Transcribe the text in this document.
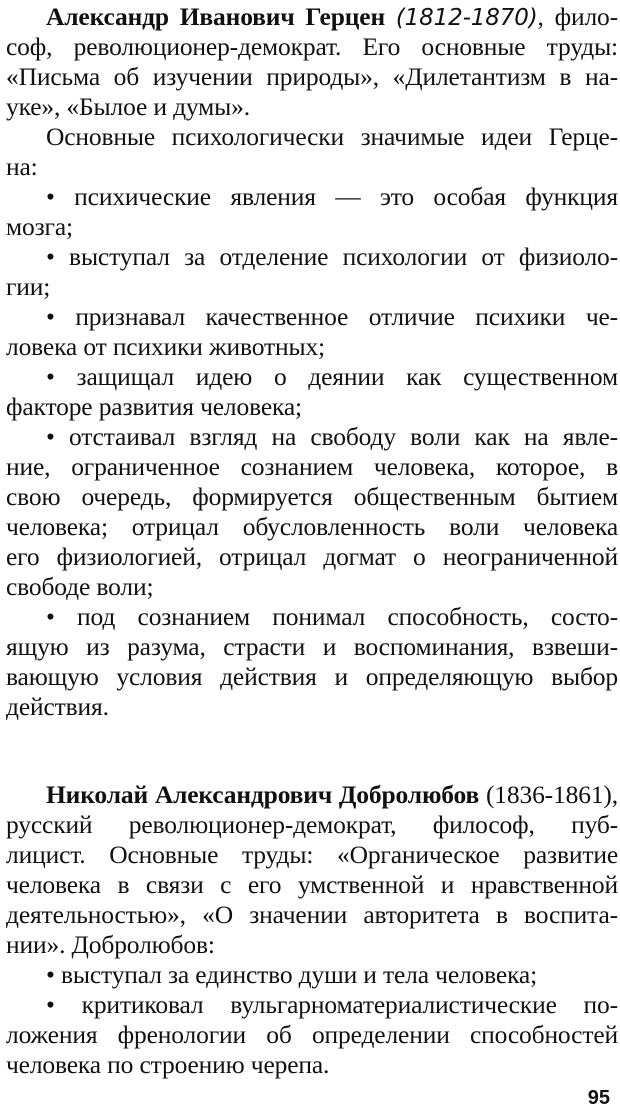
Александр Иванович Герцен (1812-1870), фило-
соф, революционер-демократ. Его основные труды:
«Письма об изучении природы», «Дилетантизм в на-
уке», «Былое и думы».
Основные психологически значимые идеи Герце-
на:
• психические явления — это особая функция
мозга;
• выступал за отделение психологии от физиоло-
гии;
• признавал качественное отличие психики че-
ловека от психики животных;
• защищал идею о деянии как существенном
факторе развития человека;
• отстаивал взгляд на свободу воли как на явле-
ние, ограниченное сознанием человека, которое, в
свою очередь, формируется общественным бытием
человека; отрицал обусловленность воли человека
его физиологией, отрицал догмат о неограниченной
свободе воли;
• под сознанием понимал способность, состо-
ящую из разума, страсти и воспоминания, взвеши-
вающую условия действия и определяющую выбор
действия.
Николай Александрович Добролюбов (1836-1861),
русский революционер-демократ, философ, пуб-
лицист. Основные труды: «Органическое развитие
человека в связи с его умственной и нравственной
деятельностью», «О значении авторитета в воспита-
нии». Добролюбов:
• выступал за единство души и тела человека;
• критиковал вульгарноматериалистические по-
ложения френологии об определении способностей
человека по строению черепа.
95
